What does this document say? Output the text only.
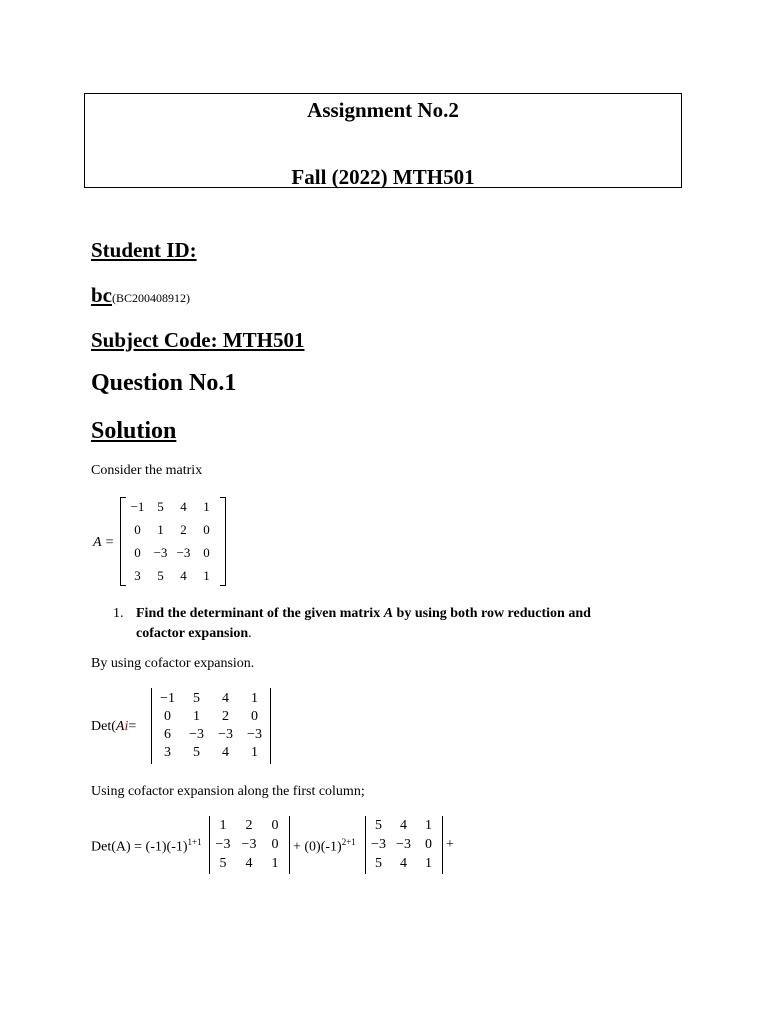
Assignment No.2
Fall (2022) MTH501
Student ID:
bc(BC200408912)
Subject Code: MTH501
Question No.1
Solution
Consider the matrix
A =
−1 5	4	1
0	1	2	0
0 −3 −3 0
3	5	4	1
1. Find the determinant of the given matrix A by using both row reduction and
cofactor expansion.
By using cofactor expansion.
Det(Ai=
−1	5	4	1
0	1	2	0
6	−3	−3	−3
3	5	4	1
Using cofactor expansion along the first column;
$Det(A) = (-1)(-1)^{1+1}$
1	2	0
−3 −3	0
5	4	1
+ $(0)(-1)^{2+1}$
5	4	1
−3 −3	0
5	4	1
+
